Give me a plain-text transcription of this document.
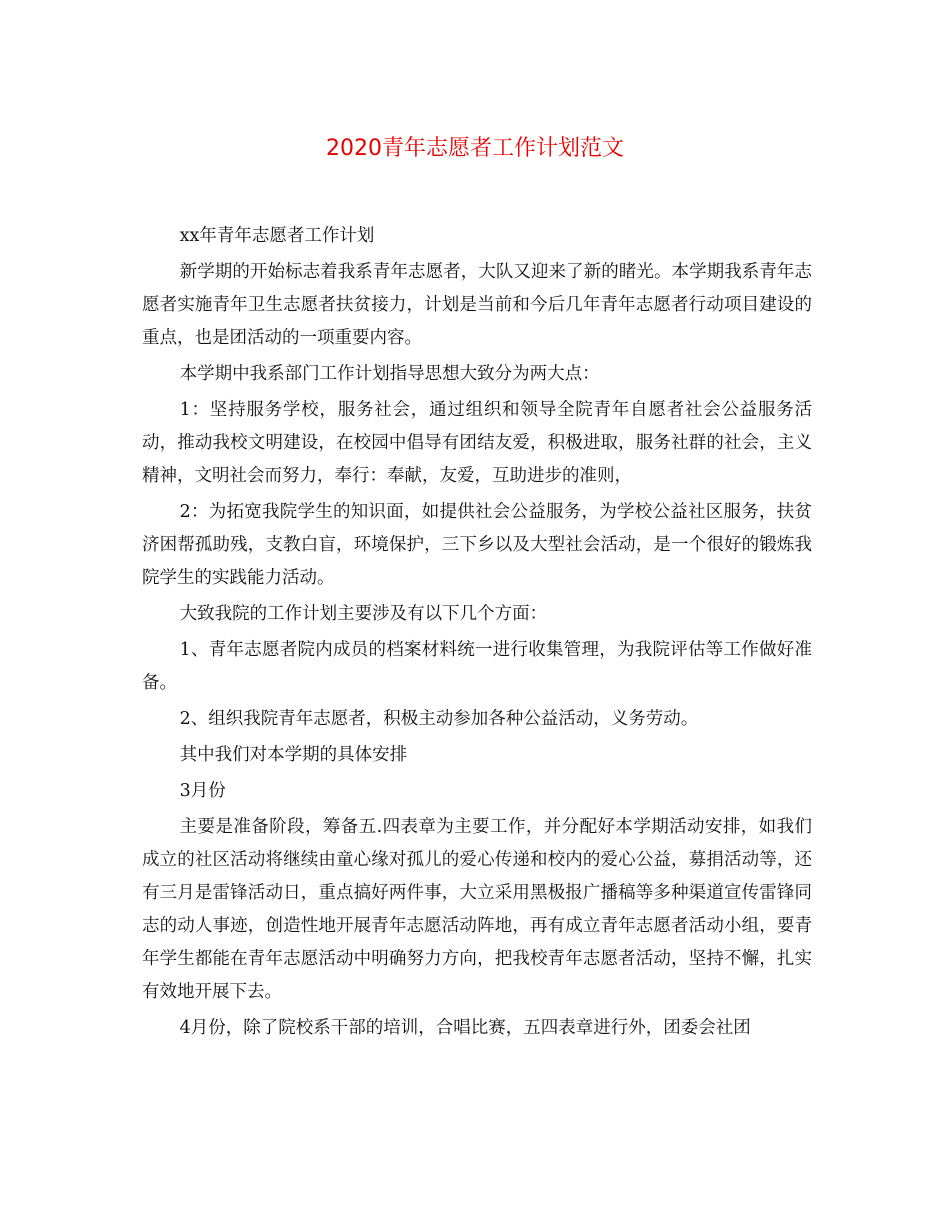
2020青年志愿者工作计划范文

xx年青年志愿者工作计划

新学期的开始标志着我系青年志愿者，大队又迎来了新的睹光。本学期我系青年志愿者实施青年卫生志愿者扶贫接力，计划是当前和今后几年青年志愿者行动项目建设的重点，也是团活动的一项重要内容。

本学期中我系部门工作计划指导思想大致分为两大点：

1：坚持服务学校，服务社会，通过组织和领导全院青年自愿者社会公益服务活动，推动我校文明建设，在校园中倡导有团结友爱，积极进取，服务社群的社会，主义精神，文明社会而努力，奉行：奉献，友爱，互助进步的准则，

2：为拓宽我院学生的知识面，如提供社会公益服务，为学校公益社区服务，扶贫济困帮孤助残，支教白盲，环境保护，三下乡以及大型社会活动，是一个很好的锻炼我院学生的实践能力活动。

大致我院的工作计划主要涉及有以下几个方面：

1、青年志愿者院内成员的档案材料统一进行收集管理，为我院评估等工作做好准备。

2、组织我院青年志愿者，积极主动参加各种公益活动，义务劳动。

其中我们对本学期的具体安排

3月份

主要是准备阶段，筹备五.四表章为主要工作，并分配好本学期活动安排，如我们成立的社区活动将继续由童心缘对孤儿的爱心传递和校内的爱心公益，募捐活动等，还有三月是雷锋活动日，重点搞好两件事，大立采用黑极报广播稿等多种渠道宣传雷锋同志的动人事迹，创造性地开展青年志愿活动阵地，再有成立青年志愿者活动小组，要青年学生都能在青年志愿活动中明确努力方向，把我校青年志愿者活动，坚持不懈，扎实有效地开展下去。

4月份，除了院校系干部的培训，合唱比赛，五四表章进行外，团委会社团
